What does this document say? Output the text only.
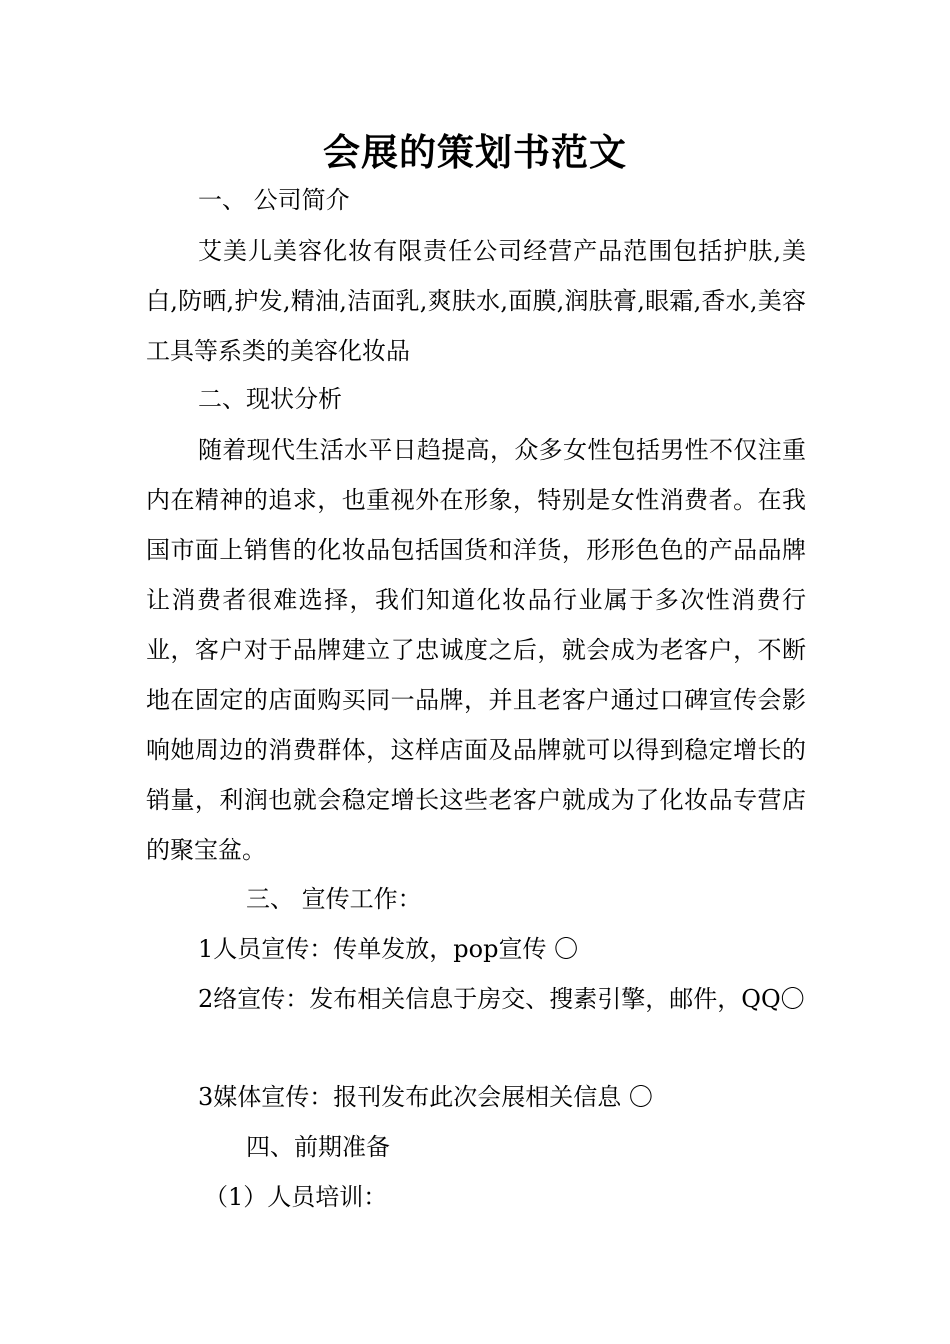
会展的策划书范文
一、 公司简介
艾美儿美容化妆有限责任公司经营产品范围包括护肤,美白,防晒,护发,精油,洁面乳,爽肤水,面膜,润肤膏,眼霜,香水,美容工具等系类的美容化妆品
二、现状分析
随着现代生活水平日趋提高，众多女性包括男性不仅注重内在精神的追求，也重视外在形象，特别是女性消费者。在我国市面上销售的化妆品包括国货和洋货，形形色色的产品品牌让消费者很难选择，我们知道化妆品行业属于多次性消费行业，客户对于品牌建立了忠诚度之后，就会成为老客户，不断地在固定的店面购买同一品牌，并且老客户通过口碑宣传会影响她周边的消费群体，这样店面及品牌就可以得到稳定增长的销量，利润也就会稳定增长这些老客户就成为了化妆品专营店的聚宝盆。
三、 宣传工作：
1人员宣传：传单发放，pop宣传 〇
2络宣传：发布相关信息于房交、搜素引擎，邮件，QQ〇
3媒体宣传：报刊发布此次会展相关信息 〇
四、前期准备
（1）人员培训：
